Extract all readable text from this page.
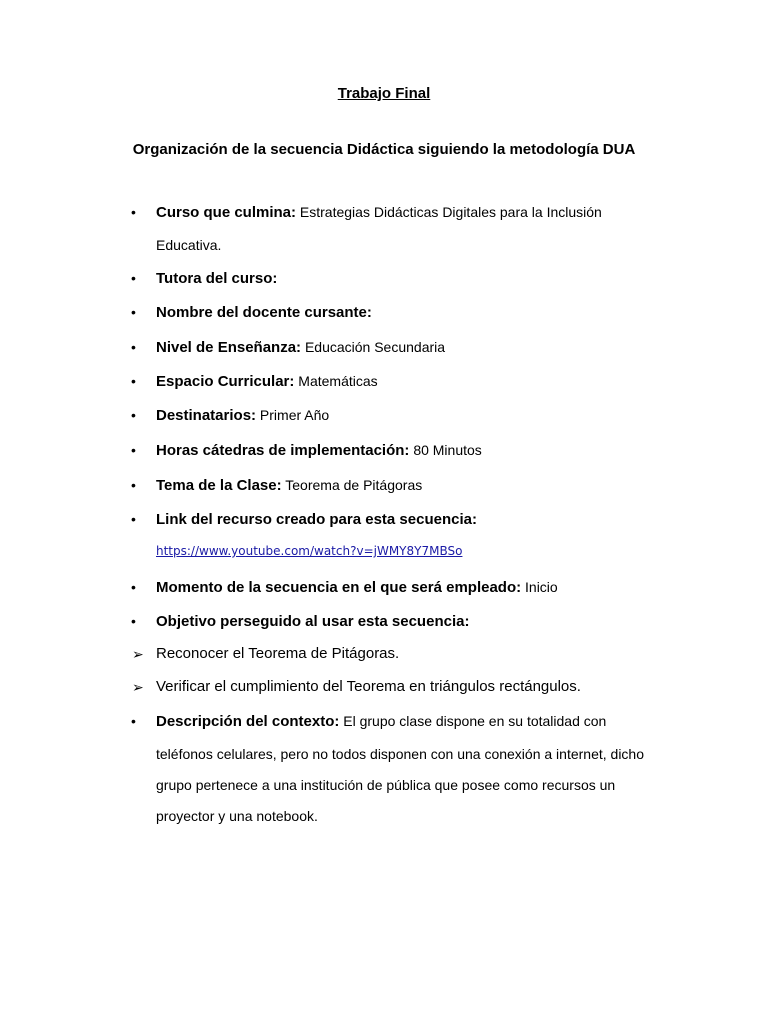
Trabajo Final
Organización de la secuencia Didáctica siguiendo la metodología DUA
• Curso que culmina: Estrategias Didácticas Digitales para la Inclusión
Educativa.
• Tutora del curso:
• Nombre del docente cursante:
• Nivel de Enseñanza: Educación Secundaria
• Espacio Curricular: Matemáticas
• Destinatarios: Primer Año
• Horas cátedras de implementación: 80 Minutos
• Tema de la Clase: Teorema de Pitágoras
• Link del recurso creado para esta secuencia:
https://www.youtube.com/watch?v=jWMY8Y7MBSo
• Momento de la secuencia en el que será empleado: Inicio
• Objetivo perseguido al usar esta secuencia:
➢ Reconocer el Teorema de Pitágoras.
➢ Verificar el cumplimiento del Teorema en triángulos rectángulos.
• Descripción del contexto: El grupo clase dispone en su totalidad con
teléfonos celulares, pero no todos disponen con una conexión a internet, dicho
grupo pertenece a una institución de pública que posee como recursos un
proyector y una notebook.
